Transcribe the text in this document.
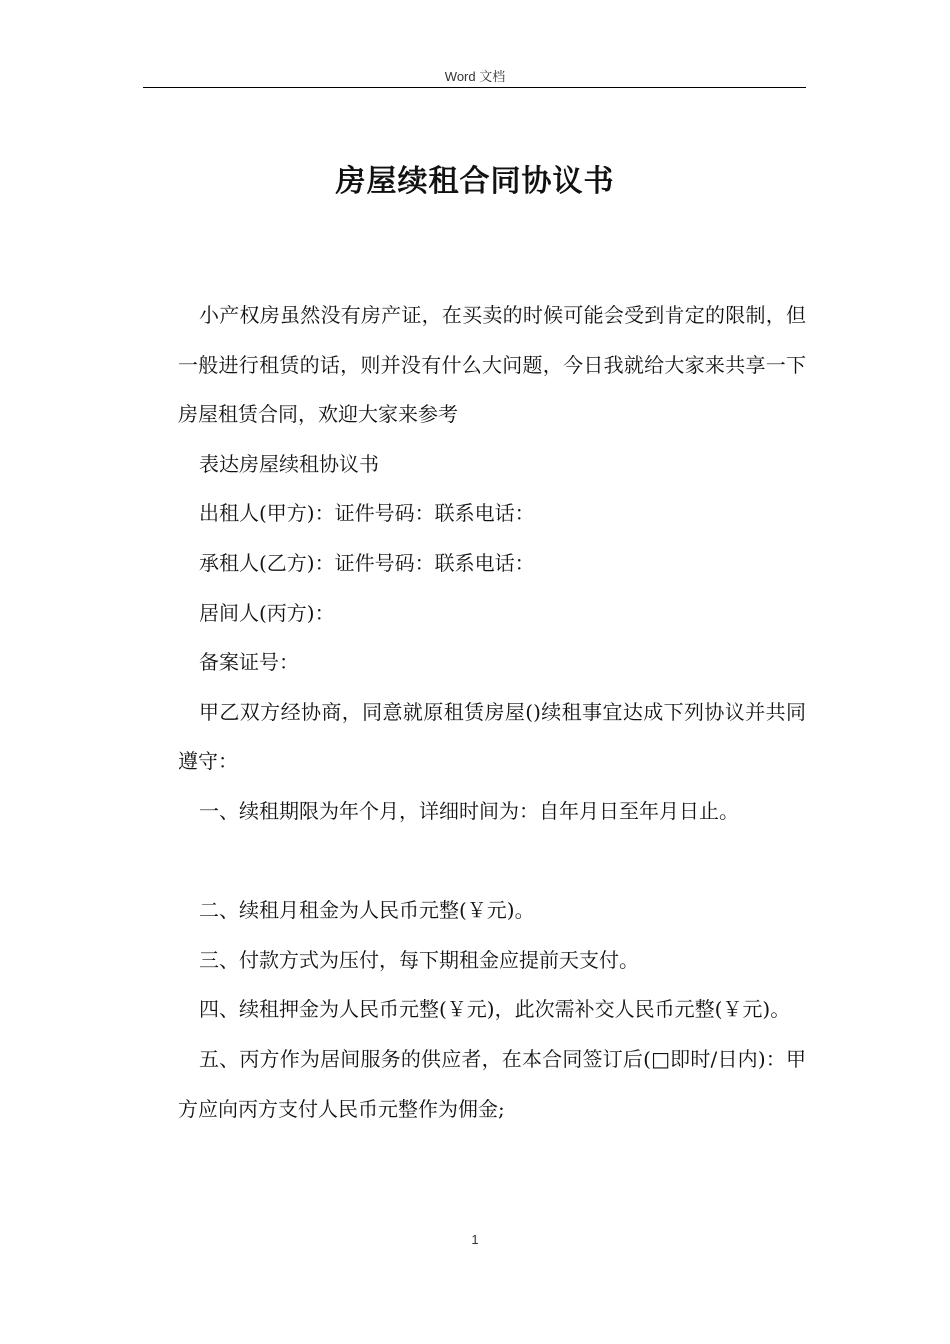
Word 文档
房屋续租合同协议书

小产权房虽然没有房产证，在买卖的时候可能会受到肯定的限制，但一般进行租赁的话，则并没有什么大问题，今日我就给大家来共享一下房屋租赁合同，欢迎大家来参考

表达房屋续租协议书

出租人(甲方)：证件号码：联系电话：

承租人(乙方)：证件号码：联系电话：

居间人(丙方)：

备案证号：

甲乙双方经协商，同意就原租赁房屋()续租事宜达成下列协议并共同遵守：

一、续租期限为年个月，详细时间为：自年月日至年月日止。

二、续租月租金为人民币元整(￥元)。

三、付款方式为压付，每下期租金应提前天支付。

四、续租押金为人民币元整(￥元)，此次需补交人民币元整(￥元)。

五、丙方作为居间服务的供应者，在本合同签订后(□即时/日内)：甲方应向丙方支付人民币元整作为佣金;

1
